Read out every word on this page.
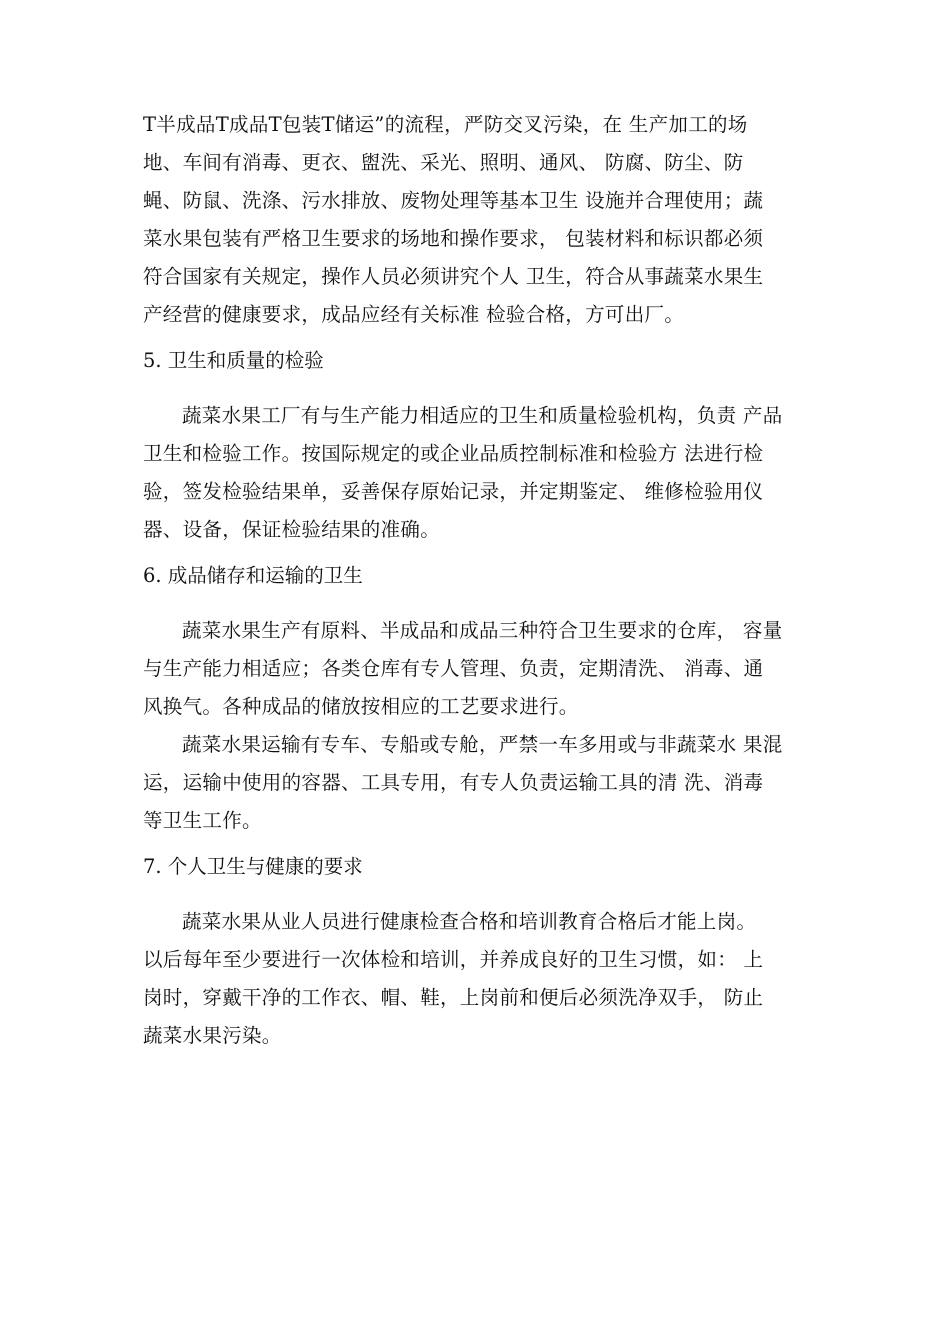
T半成品T成品T包装T储运”的流程，严防交叉污染，在 生产加工的场
地、车间有消毒、更衣、盥洗、采光、照明、通风、 防腐、防尘、防
蝇、防鼠、洗涤、污水排放、废物处理等基本卫生 设施并合理使用；蔬
菜水果包装有严格卫生要求的场地和操作要求， 包装材料和标识都必须
符合国家有关规定，操作人员必须讲究个人 卫生，符合从事蔬菜水果生
产经营的健康要求，成品应经有关标准 检验合格，方可出厂。

5. 卫生和质量的检验

蔬菜水果工厂有与生产能力相适应的卫生和质量检验机构，负责 产品
卫生和检验工作。按国际规定的或企业品质控制标准和检验方 法进行检
验，签发检验结果单，妥善保存原始记录，并定期鉴定、 维修检验用仪
器、设备，保证检验结果的准确。

6. 成品储存和运输的卫生

蔬菜水果生产有原料、半成品和成品三种符合卫生要求的仓库， 容量
与生产能力相适应；各类仓库有专人管理、负责，定期清洗、 消毒、通
风换气。各种成品的储放按相应的工艺要求进行。

蔬菜水果运输有专车、专船或专舱，严禁一车多用或与非蔬菜水 果混
运，运输中使用的容器、工具专用，有专人负责运输工具的清 洗、消毒
等卫生工作。

7. 个人卫生与健康的要求

蔬菜水果从业人员进行健康检查合格和培训教育合格后才能上岗。
以后每年至少要进行一次体检和培训，并养成良好的卫生习惯，如： 上
岗时，穿戴干净的工作衣、帽、鞋，上岗前和便后必须洗净双手， 防止
蔬菜水果污染。
